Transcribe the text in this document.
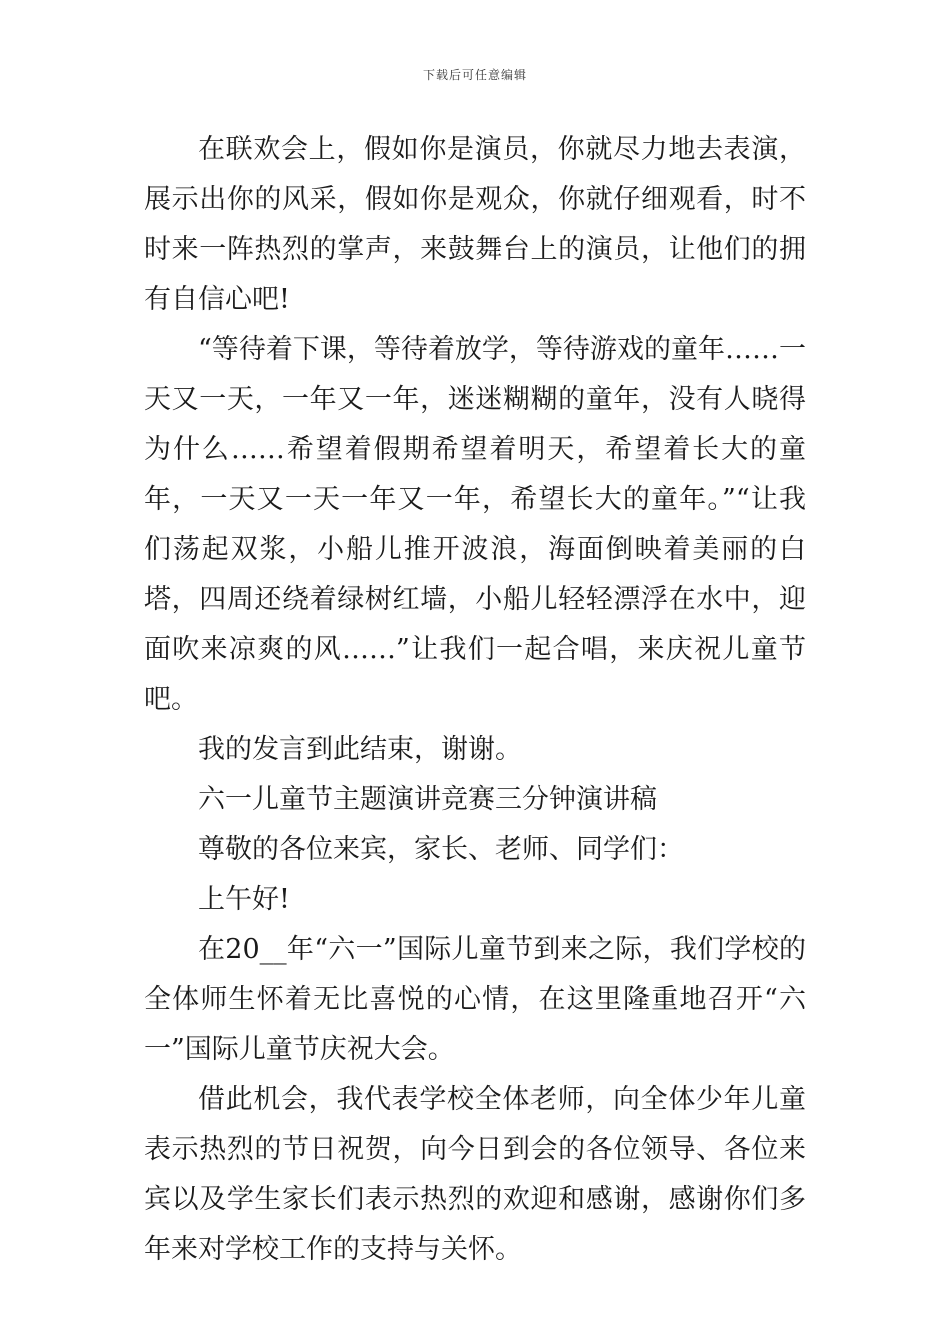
下载后可任意编辑

在联欢会上，假如你是演员，你就尽力地去表演，展示出你的风采，假如你是观众，你就仔细观看，时不时来一阵热烈的掌声，来鼓舞台上的演员，让他们的拥有自信心吧!

“等待着下课，等待着放学，等待游戏的童年……一天又一天，一年又一年，迷迷糊糊的童年，没有人晓得为什么……希望着假期希望着明天，希望着长大的童年，一天又一天一年又一年，希望长大的童年。”“让我们荡起双浆，小船儿推开波浪，海面倒映着美丽的白塔，四周还绕着绿树红墙，小船儿轻轻漂浮在水中，迎面吹来凉爽的风……”让我们一起合唱，来庆祝儿童节吧。

我的发言到此结束，谢谢。

六一儿童节主题演讲竞赛三分钟演讲稿

尊敬的各位来宾，家长、老师、同学们：

上午好!

在20__年“六一”国际儿童节到来之际，我们学校的全体师生怀着无比喜悦的心情，在这里隆重地召开“六一”国际儿童节庆祝大会。

借此机会，我代表学校全体老师，向全体少年儿童表示热烈的节日祝贺，向今日到会的各位领导、各位来宾以及学生家长们表示热烈的欢迎和感谢，感谢你们多年来对学校工作的支持与关怀。
